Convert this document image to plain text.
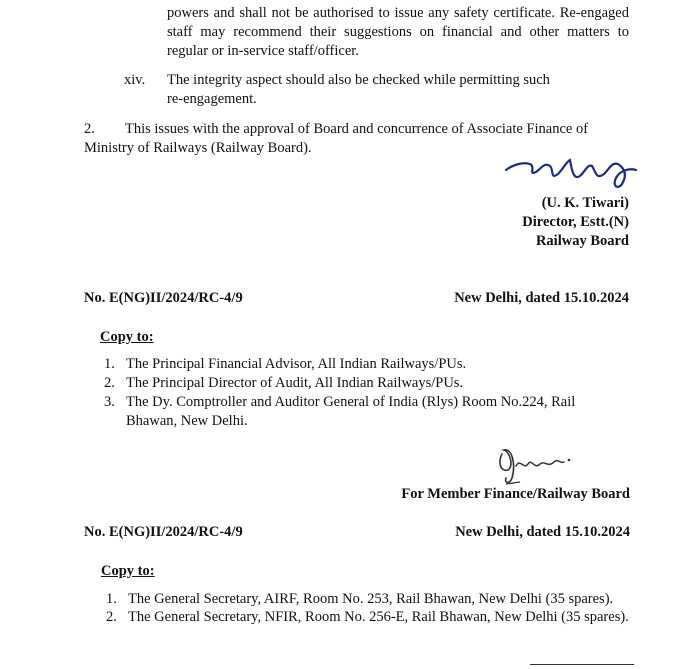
powers and shall not be authorised to issue any safety certificate. Re-engaged staff may recommend their suggestions on financial and other matters to regular or in-service staff/officer.
xiv. The integrity aspect should also be checked while permitting such re-engagement.
2.	This issues with the approval of Board and concurrence of Associate Finance of Ministry of Railways (Railway Board).
(U. K. Tiwari)
Director, Estt.(N)
Railway Board
No. E(NG)II/2024/RC-4/9	New Delhi, dated 15.10.2024
Copy to:
1. The Principal Financial Advisor, All Indian Railways/PUs.
2. The Principal Director of Audit, All Indian Railways/PUs.
3. The Dy. Comptroller and Auditor General of India (Rlys) Room No.224, Rail Bhawan, New Delhi.
For Member Finance/Railway Board
No. E(NG)II/2024/RC-4/9	New Delhi, dated 15.10.2024
Copy to:
1. The General Secretary, AIRF, Room No. 253, Rail Bhawan, New Delhi (35 spares).
2. The General Secretary, NFIR, Room No. 256-E, Rail Bhawan, New Delhi (35 spares).
